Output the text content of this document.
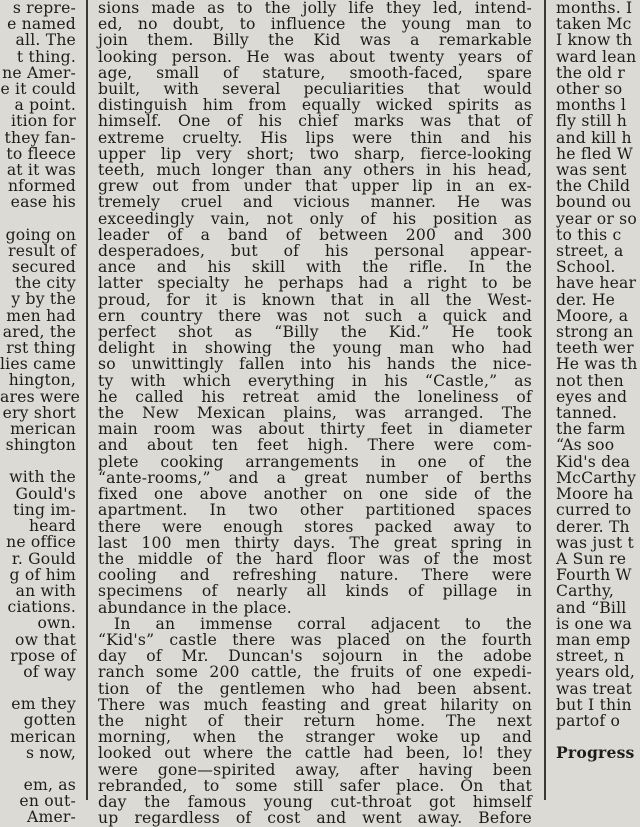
s repre-

e named

all. The

t thing.

ne Amer-

e it could

a point.

ition for

they fan-

to fleece

at it was

nformed

ease his

going on

result of

secured

the city

y by the

men had

ared, the

rst thing

lies came

hington,

ares were

ery short

merican

shington

with the

Gould's

ting im-

heard

ne office

r. Gould

g of him

an with

ciations.

own.

ow that

rpose of

of way

em they

gotten

merican

s now,

em, as

en out-

Amer-

sions made as to the jolly life they led, intend-

ed, no doubt, to influence the young man to

join them. Billy the Kid was a remarkable

looking person. He was about twenty years of

age, small of stature, smooth-faced, spare

built, with several peculiarities that would

distinguish him from equally wicked spirits as

himself. One of his chief marks was that of

extreme cruelty. His lips were thin and his

upper lip very short; two sharp, fierce-looking

teeth, much longer than any others in his head,

grew out from under that upper lip in an ex-

tremely cruel and vicious manner. He was

exceedingly vain, not only of his position as

leader of a band of between 200 and 300

desperadoes, but of his personal appear-

ance and his skill with the rifle. In the

latter specialty he perhaps had a right to be

proud, for it is known that in all the West-

ern country there was not such a quick and

perfect shot as “Billy the Kid.” He took

delight in showing the young man who had

so unwittingly fallen into his hands the nice-

ty with which everything in his “Castle,” as

he called his retreat amid the loneliness of

the New Mexican plains, was arranged. The

main room was about thirty feet in diameter

and about ten feet high. There were com-

plete cooking arrangements in one of the

“ante-rooms,” and a great number of berths

fixed one above another on one side of the

apartment. In two other partitioned spaces

there were enough stores packed away to

last 100 men thirty days. The great spring in

the middle of the hard floor was of the most

cooling and refreshing nature. There were

specimens of nearly all kinds of pillage in

abundance in the place.

In an immense corral adjacent to the

“Kid's” castle there was placed on the fourth

day of Mr. Duncan's sojourn in the adobe

ranch some 200 cattle, the fruits of one expedi-

tion of the gentlemen who had been absent.

There was much feasting and great hilarity on

the night of their return home. The next

morning, when the stranger woke up and

looked out where the cattle had been, lo! they

were gone—spirited away, after having been

rebranded, to some still safer place. On that

day the famous young cut-throat got himself

up regardless of cost and went away. Before

months. I

taken Mc

I know th

ward lean

the old r

other so

months l

fly still h

and kill h

he fled W

was sent

the Child

bound ou

year or so

to this c

street, a

School.

have hear

der. He

Moore, a

strong an

teeth wer

He was th

not then

eyes and

tanned.

the farm

“As soo

Kid's dea

McCarthy

Moore ha

curred to

derer. Th

was just t

A Sun re

Fourth W

Carthy,

and “Bill

is one wa

man emp

street, n

years old,

was treat

but I thin

partof o

Progress
